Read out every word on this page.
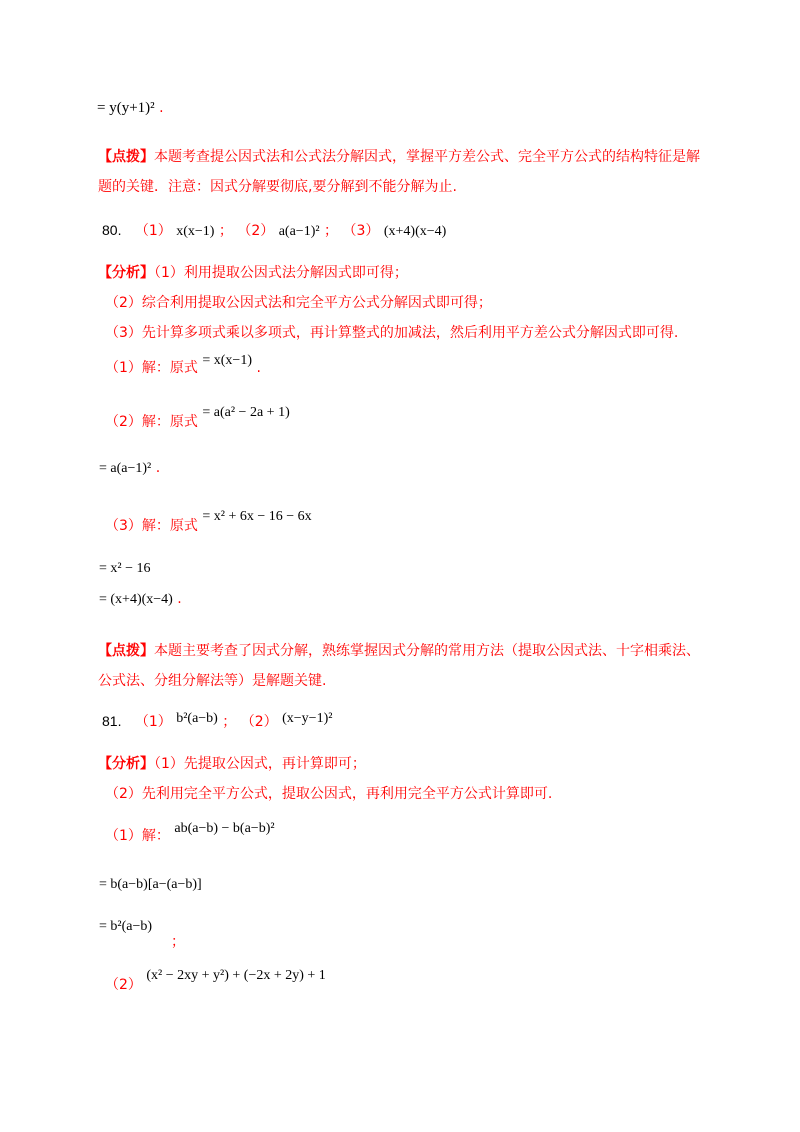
= y(y+1)² .
【点拨】本题考查提公因式法和公式法分解因式，掌握平方差公式、完全平方公式的结构特征是解题的关键．注意：因式分解要彻底,要分解到不能分解为止.
80. （1） x(x−1) ； （2） a(a−1)² ； （3） (x+4)(x−4)
【分析】（1）利用提取公因式法分解因式即可得；
（2）综合利用提取公因式法和完全平方公式分解因式即可得；
（3）先计算多项式乘以多项式，再计算整式的加减法，然后利用平方差公式分解因式即可得.
（1）解：原式 = x(x−1) .
（2）解：原式 = a(a² − 2a + 1)
= a(a−1)² .
（3）解：原式 = x² + 6x − 16 − 6x
= x² − 16
= (x+4)(x−4) .
【点拨】本题主要考查了因式分解，熟练掌握因式分解的常用方法（提取公因式法、十字相乘法、公式法、分组分解法等）是解题关键.
81. （1） b²(a−b) ； （2） (x−y−1)²
【分析】（1）先提取公因式，再计算即可；
（2）先利用完全平方公式，提取公因式，再利用完全平方公式计算即可.
（1）解： ab(a−b) − b(a−b)²
= b(a−b)[a−(a−b)]
= b²(a−b)
；
（2） (x² − 2xy + y²) + (−2x + 2y) + 1
